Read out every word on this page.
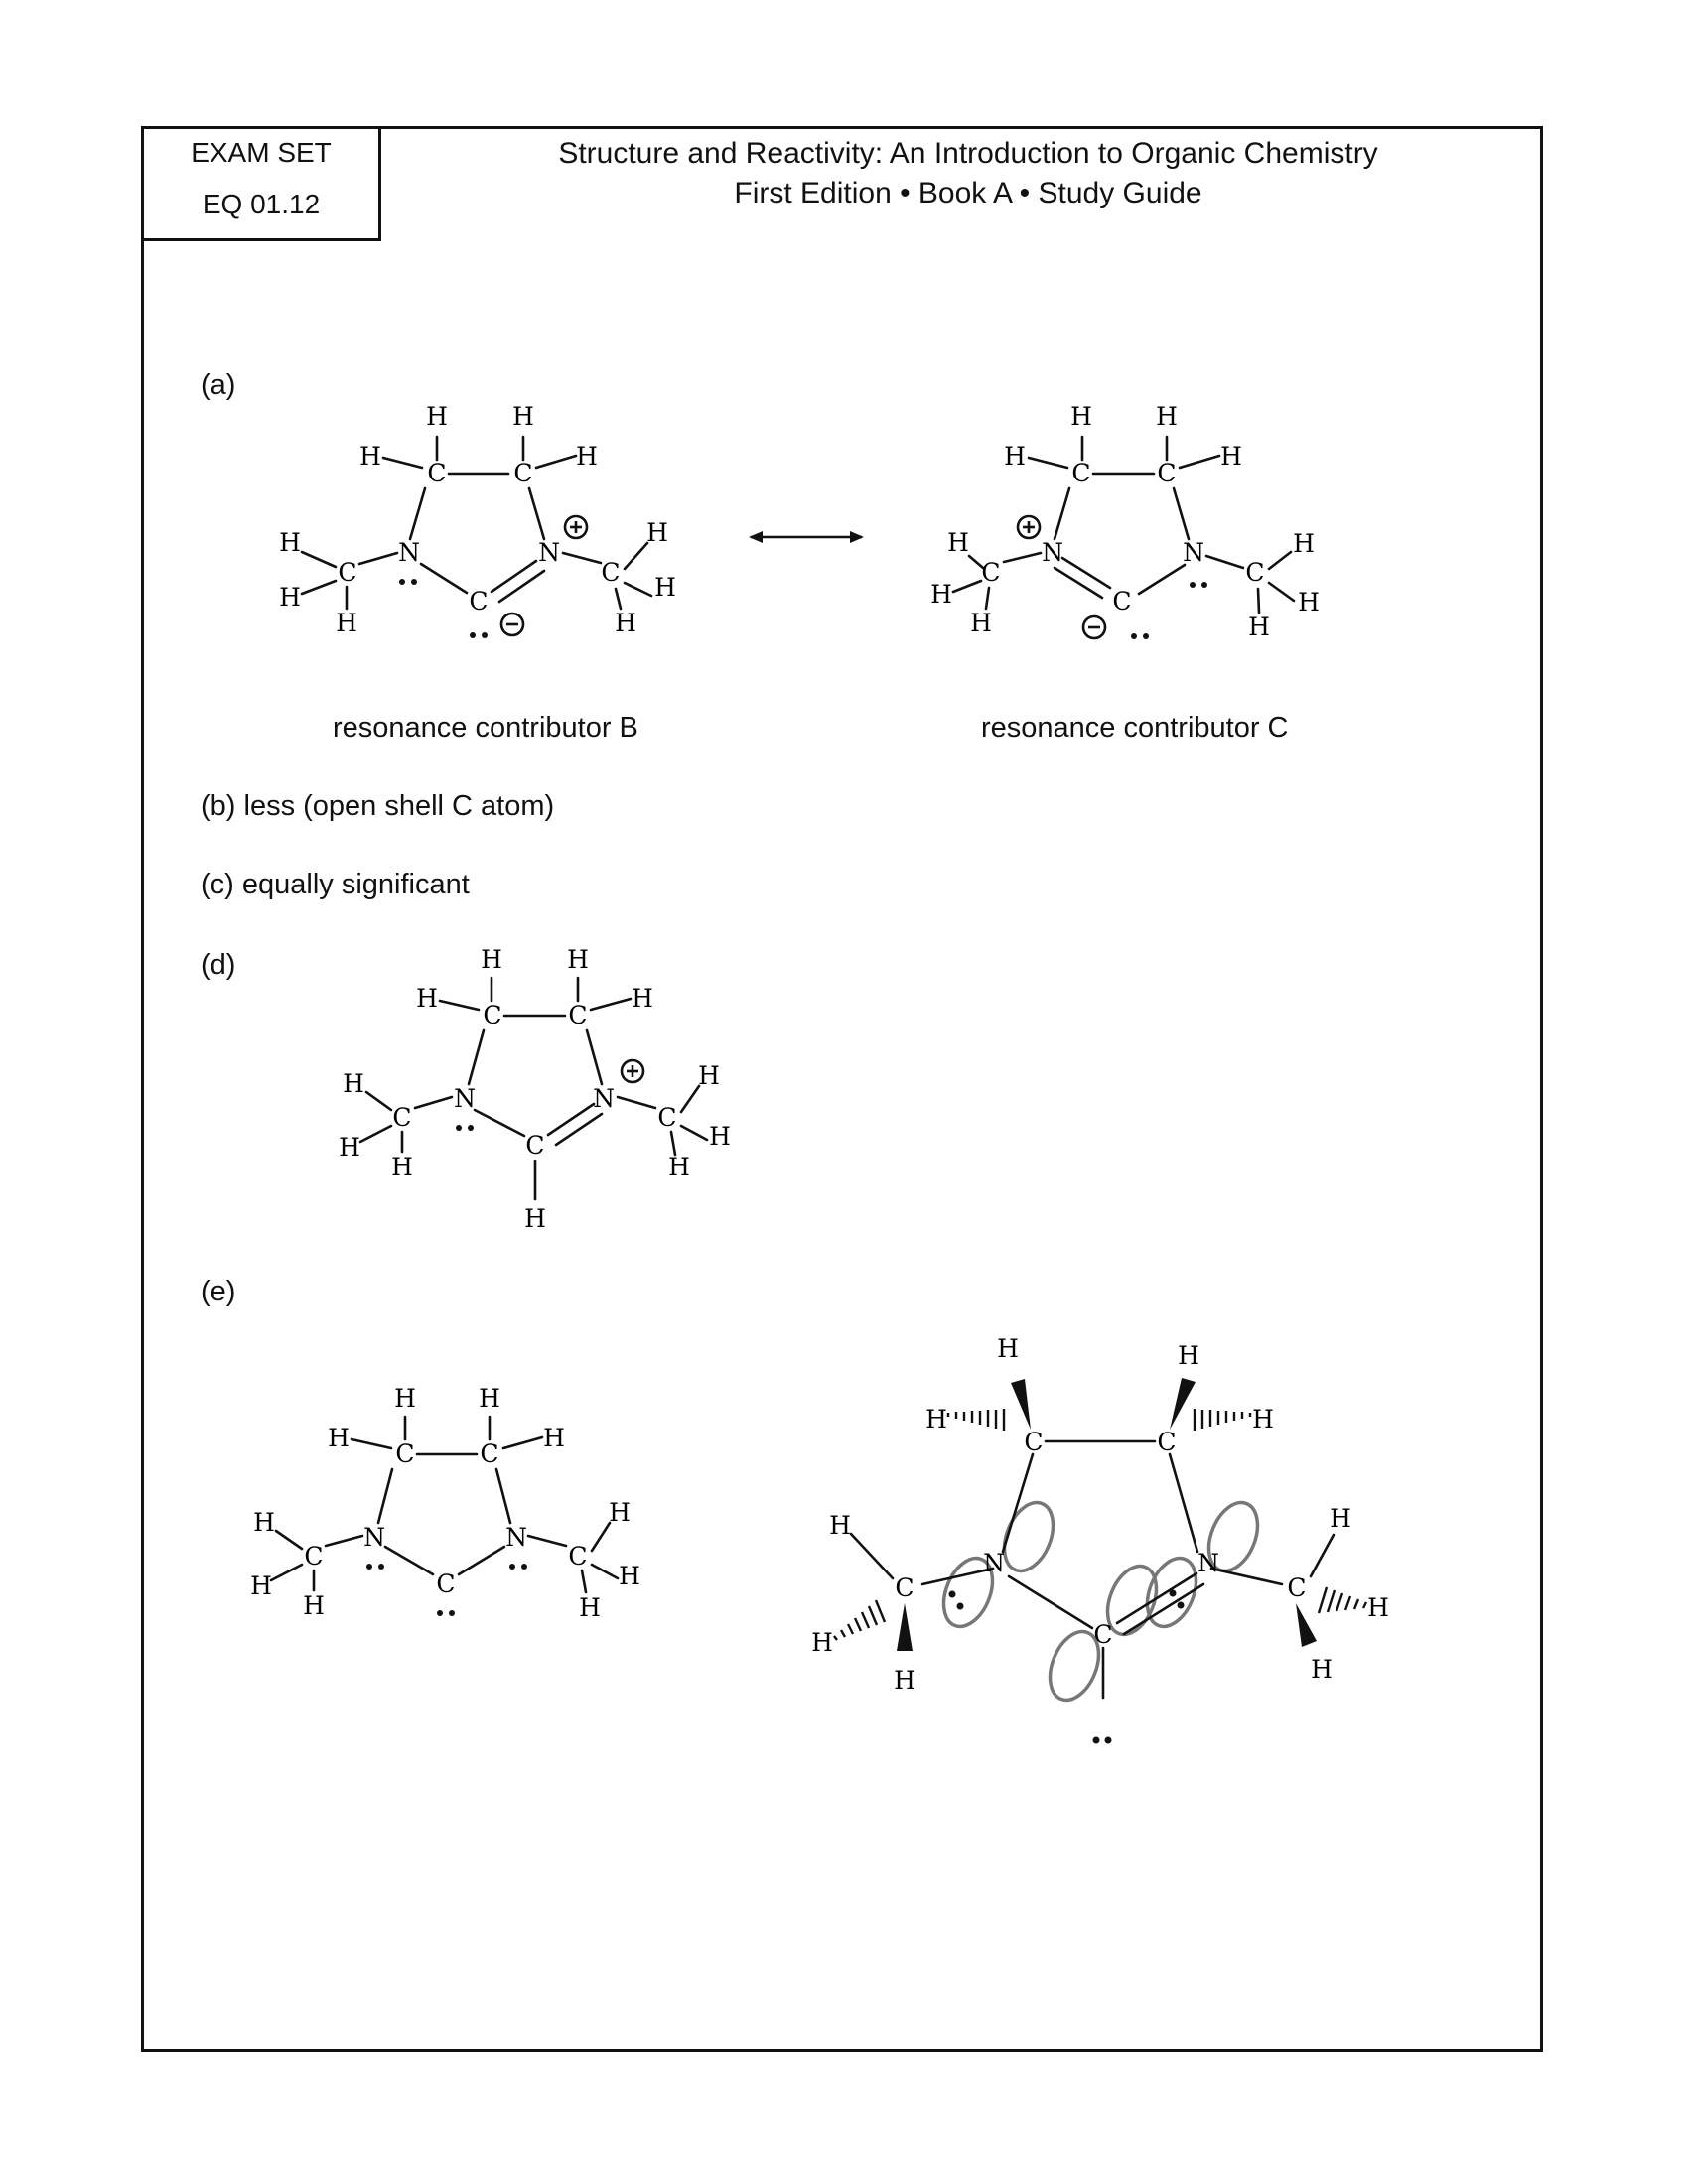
EXAM SET
EQ 01.12
Structure and Reactivity: An Introduction to Organic Chemistry
First Edition • Book A • Study Guide
(a)
resonance contributor B	resonance contributor C
(b) less (open shell C atom)
(c) equally significant
(d)
(e)
C	C
N	N
C
C	C
H	H
H	H
H
H
H
H
H
H
C	C
N	N
C
C	C
H	H
H	H
H
H
H
H
H
H
C	C
N	N
C
C	C
H	H
H	H
H
H
H
H
H
H
H
C	C
N	N
C
C	C
H	H
H	H
H
H
H
H
H
H
C	C
N	N
C
C	C
H	H
H	H
H
H
H
H
H
H
